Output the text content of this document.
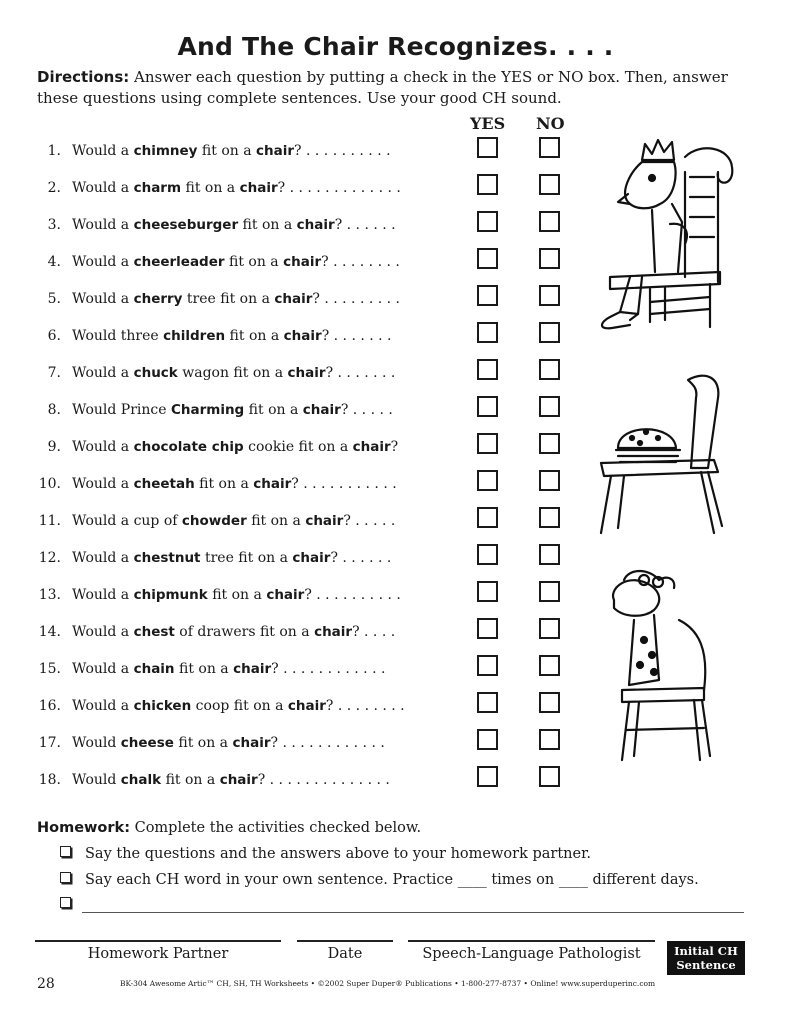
And The Chair Recognizes. . . .
Directions: Answer each question by putting a check in the YES or NO box. Then, answer these questions using complete sentences. Use your good CH sound.
YES NO
1. Would a chimney fit on a chair? . . . . . . . . . .
2. Would a charm fit on a chair? . . . . . . . . . . . . .
3. Would a cheeseburger fit on a chair? . . . . . .
4. Would a cheerleader fit on a chair? . . . . . . . .
5. Would a cherry tree fit on a chair? . . . . . . . . .
6. Would three children fit on a chair? . . . . . . .
7. Would a chuck wagon fit on a chair? . . . . . . .
8. Would Prince Charming fit on a chair? . . . . .
9. Would a chocolate chip cookie fit on a chair?
10. Would a cheetah fit on a chair? . . . . . . . . . . .
11. Would a cup of chowder fit on a chair? . . . . .
12. Would a chestnut tree fit on a chair? . . . . . .
13. Would a chipmunk fit on a chair? . . . . . . . . . .
14. Would a chest of drawers fit on a chair? . . . .
15. Would a chain fit on a chair? . . . . . . . . . . . .
16. Would a chicken coop fit on a chair? . . . . . . . .
17. Would cheese fit on a chair? . . . . . . . . . . . .
18. Would chalk fit on a chair? . . . . . . . . . . . . . .
Homework: Complete the activities checked below.
Say the questions and the answers above to your homework partner.
Say each CH word in your own sentence. Practice ____ times on ____ different days.
Homework Partner	Date	Speech-Language Pathologist	Initial CH
Sentence
28	BK-304 Awesome Artic™ CH, SH, TH Worksheets • ©2002 Super Duper® Publications • 1-800-277-8737 • Online! www.superduperinc.com
